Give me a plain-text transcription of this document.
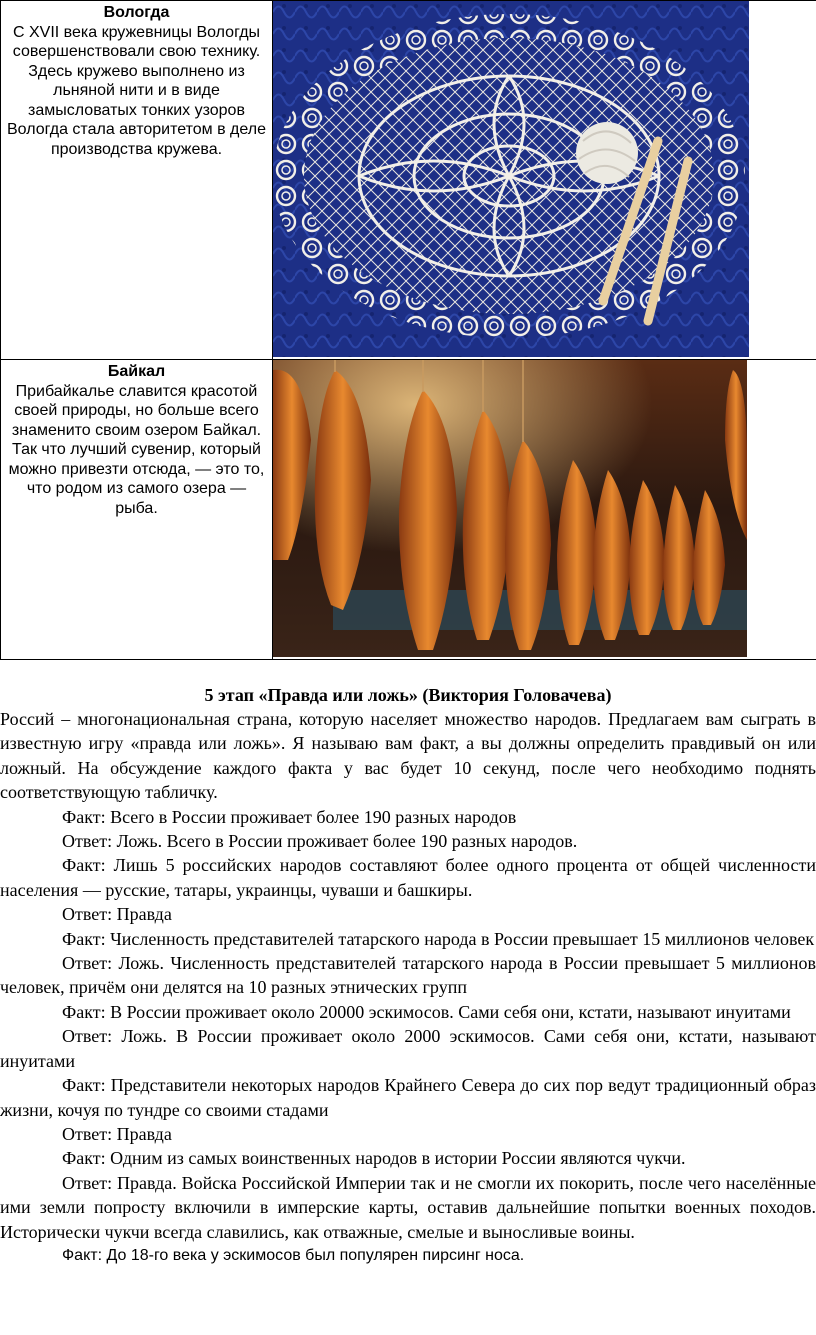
Вологда
С XVII века кружевницы Вологды совершенствовали свою технику. Здесь кружево выполнено из льняной нити и в виде замысловатых тонких узоров Вологда стала авторитетом в деле производства кружева.	

Байкал
Прибайкалье славится красотой своей природы, но больше всего знаменито своим озером Байкал. Так что лучший сувенир, который можно привезти отсюда, — это то, что родом из самого озера — рыба.	
5 этап «Правда или ложь» (Виктория Головачева)

Россий – многонациональная страна, которую населяет множество народов. Предлагаем вам сыграть в известную игру «правда или ложь». Я называю вам факт, а вы должны определить правдивый он или ложный. На обсуждение каждого факта у вас будет 10 секунд, после чего необходимо поднять соответствующую табличку.

Факт: Всего в России проживает более 190 разных народов

Ответ: Ложь. Всего в России проживает более 190 разных народов.

Факт: Лишь 5 российских народов составляют более одного процента от общей численности населения — русские, татары, украинцы, чуваши и башкиры.

Ответ: Правда

Факт: Численность представителей татарского народа в России превышает 15 миллионов человек

Ответ: Ложь. Численность представителей татарского народа в России превышает 5 миллионов человек, причём они делятся на 10 разных этнических групп

Факт: В России проживает около 20000 эскимосов. Сами себя они, кстати, называют инуитами

Ответ: Ложь. В России проживает около 2000 эскимосов. Сами себя они, кстати, называют инуитами

Факт: Представители некоторых народов Крайнего Севера до сих пор ведут традиционный образ жизни, кочуя по тундре со своими стадами

Ответ: Правда

Факт: Одним из самых воинственных народов в истории России являются чукчи.

Ответ: Правда. Войска Российской Империи так и не смогли их покорить, после чего населённые ими земли попросту включили в имперские карты, оставив дальнейшие попытки военных походов. Исторически чукчи всегда славились, как отважные, смелые и выносливые воины.

Факт: До 18-го века у эскимосов был популярен пирсинг носа.
